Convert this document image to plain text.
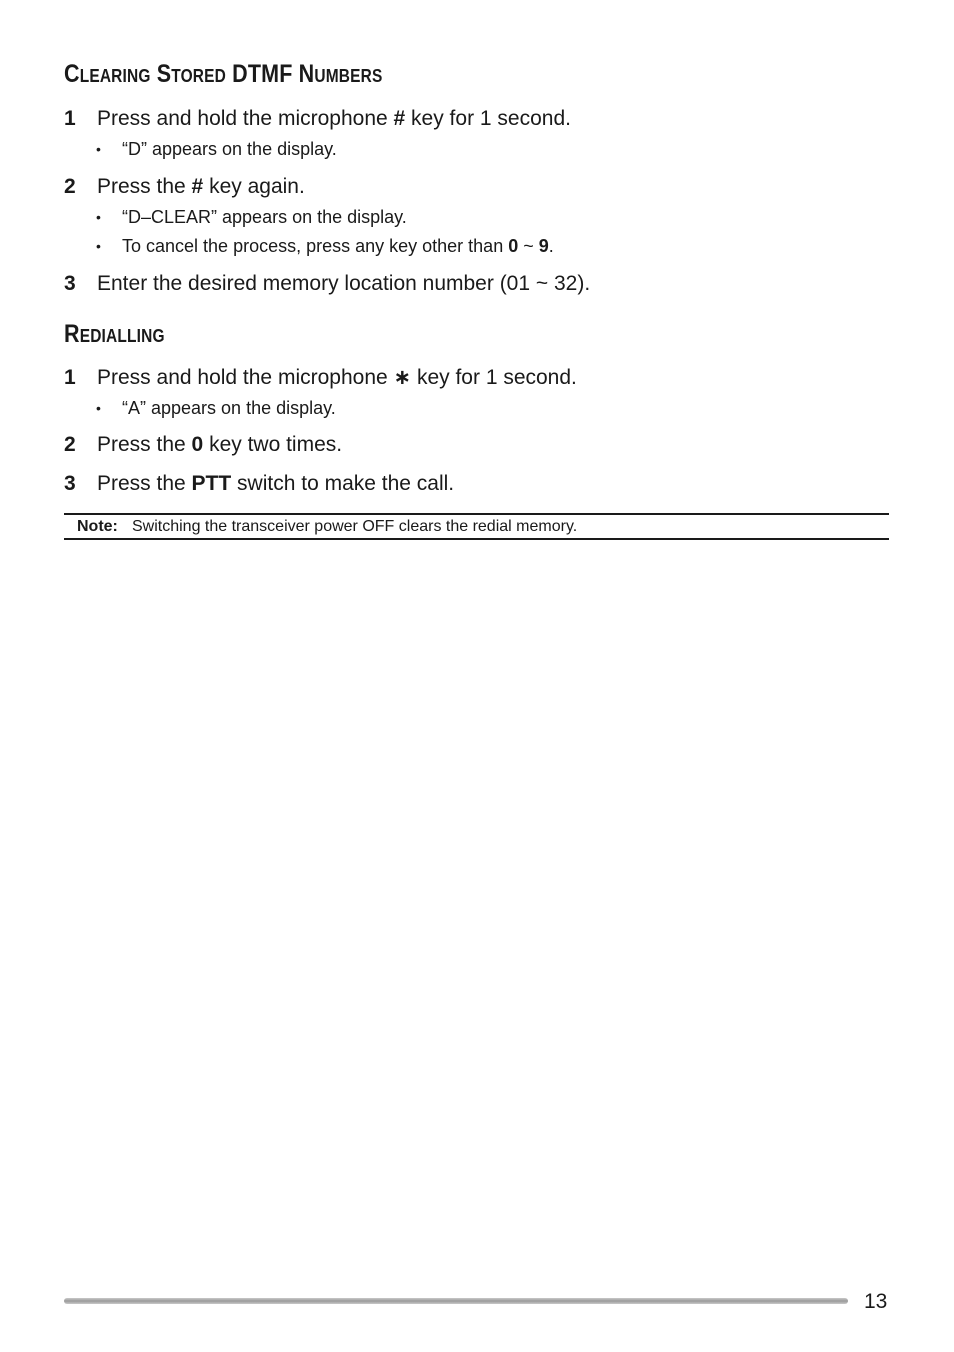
Clearing Stored DTMF Numbers
1 Press and hold the microphone # key for 1 second.
• “D” appears on the display.
2 Press the # key again.
• “D–CLEAR” appears on the display.
• To cancel the process, press any key other than 0 ~ 9.
3 Enter the desired memory location number (01 ~ 32).
Redialling
1 Press and hold the microphone ∗ key for 1 second.
• “A” appears on the display.
2 Press the 0 key two times.
3 Press the PTT switch to make the call.
Note: Switching the transceiver power OFF clears the redial memory.
13
